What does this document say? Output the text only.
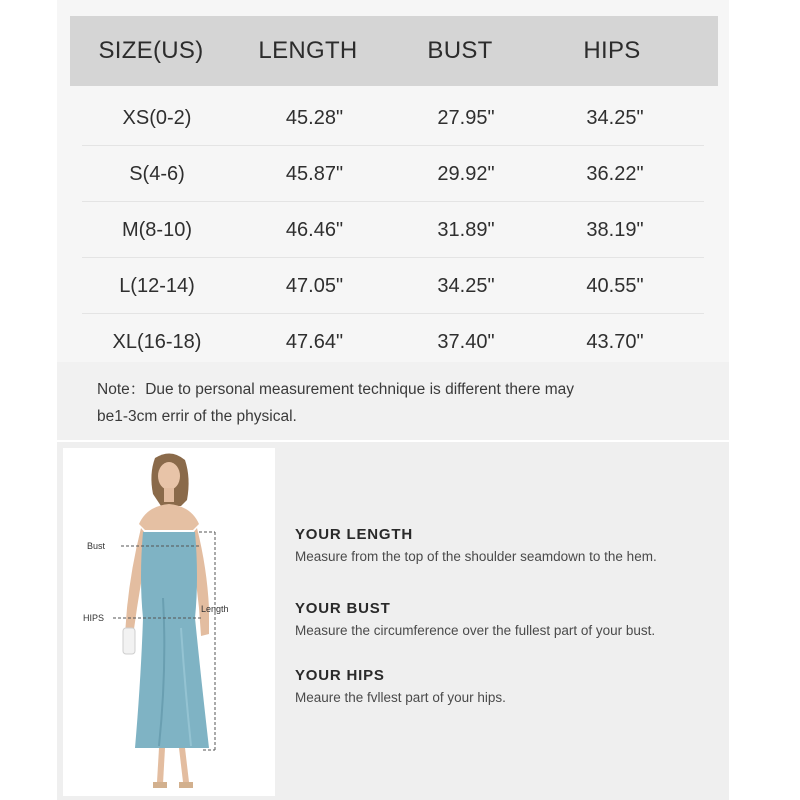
SIZE(US)	LENGTH	BUST	HIPS
XS(0-2)	45.28"	27.95"	34.25"
S(4-6)	45.87"	29.92"	36.22"
M(8-10)	46.46"	31.89"	38.19"
L(12-14)	47.05"	34.25"	40.55"
XL(16-18)	47.64"	37.40"	43.70"
Note：Due to personal measurement technique is different there may
be1-3cm errir of the physical.
Bust
HIPS
Length
YOUR LENGTH
Measure from the top of the shoulder seamdown to the hem.
YOUR BUST
Measure the circumference over the fullest part of your bust.
YOUR HIPS
Meaure the fvllest part of your hips.
